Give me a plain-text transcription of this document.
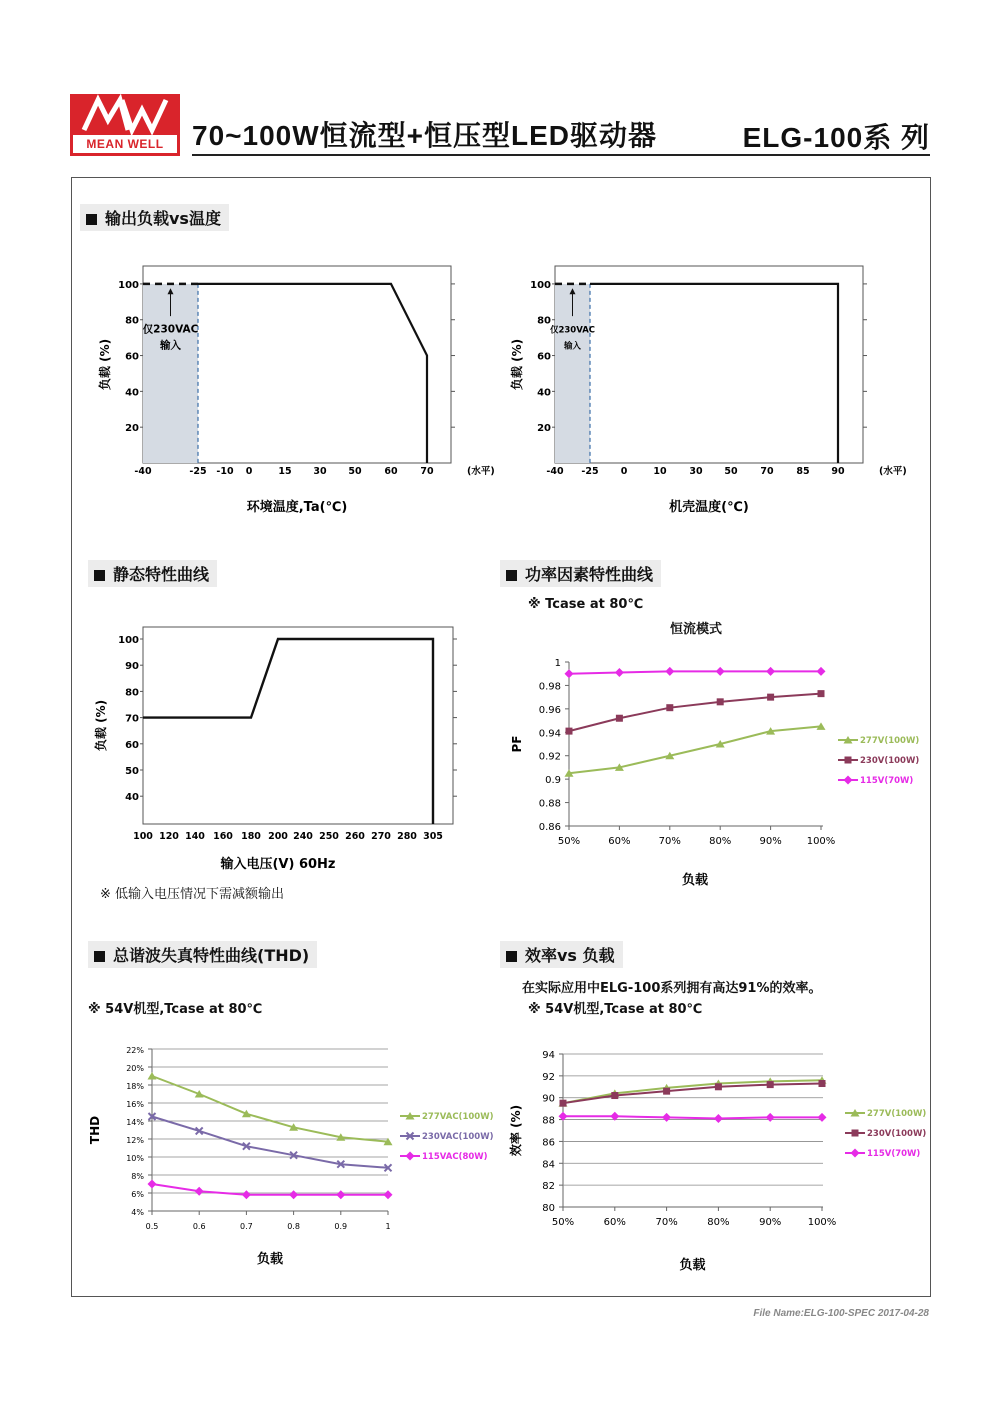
MEAN WELL	70~100W恒流型+恒压型LED驱动器	ELG-100系 列
输出负载vs温度
静态特性曲线	功率因素特性曲线
总谐波失真特性曲线(THD)	效率vs 负载
※ 低输入电压情况下需减额输出
※ Tcase at 80℃
恒流模式
※ 54V机型,Tcase at 80℃
在实际应用中ELG-100系列拥有高达91%的效率。
※ 54V机型,Tcase at 80℃
100
80
60
40
20
-40	-25 -10 0	15 30 50 60 70	(水平)
仅230VAC
输入
负载 (%)
环境温度,Ta(℃)
100
80
60
40
20
-40 -25 0	10 30 50 70 85 90	(水平)
仅230VAC
输入
负载 (%)
机壳温度(℃)
100
90
80
70
60
50
40
100 120 140 160 180 200 240 250 260 270 280 305
负载 (%)
输入电压(V) 60Hz
1
0.98
0.96
0.94
0.92
0.9
0.88
0.86
50%	60%	70%	80%	90% 100%
277V(100W)
230V(100W)
115V(70W)
PF
负载
22%
20%
18%
16%
14%
12%
10%
8%
6%
4%
0.5	0.6	0.7	0.8	0.9	1
277VAC(100W)
230VAC(100W)
115VAC(80W)
THD
负载
94
92
90
88
86
84
82
80
50%	60%	70%	80%	90%	100%
277V(100W)
230V(100W)
115V(70W)
效率 (%)
负载
File Name:ELG-100-SPEC 2017-04-28
